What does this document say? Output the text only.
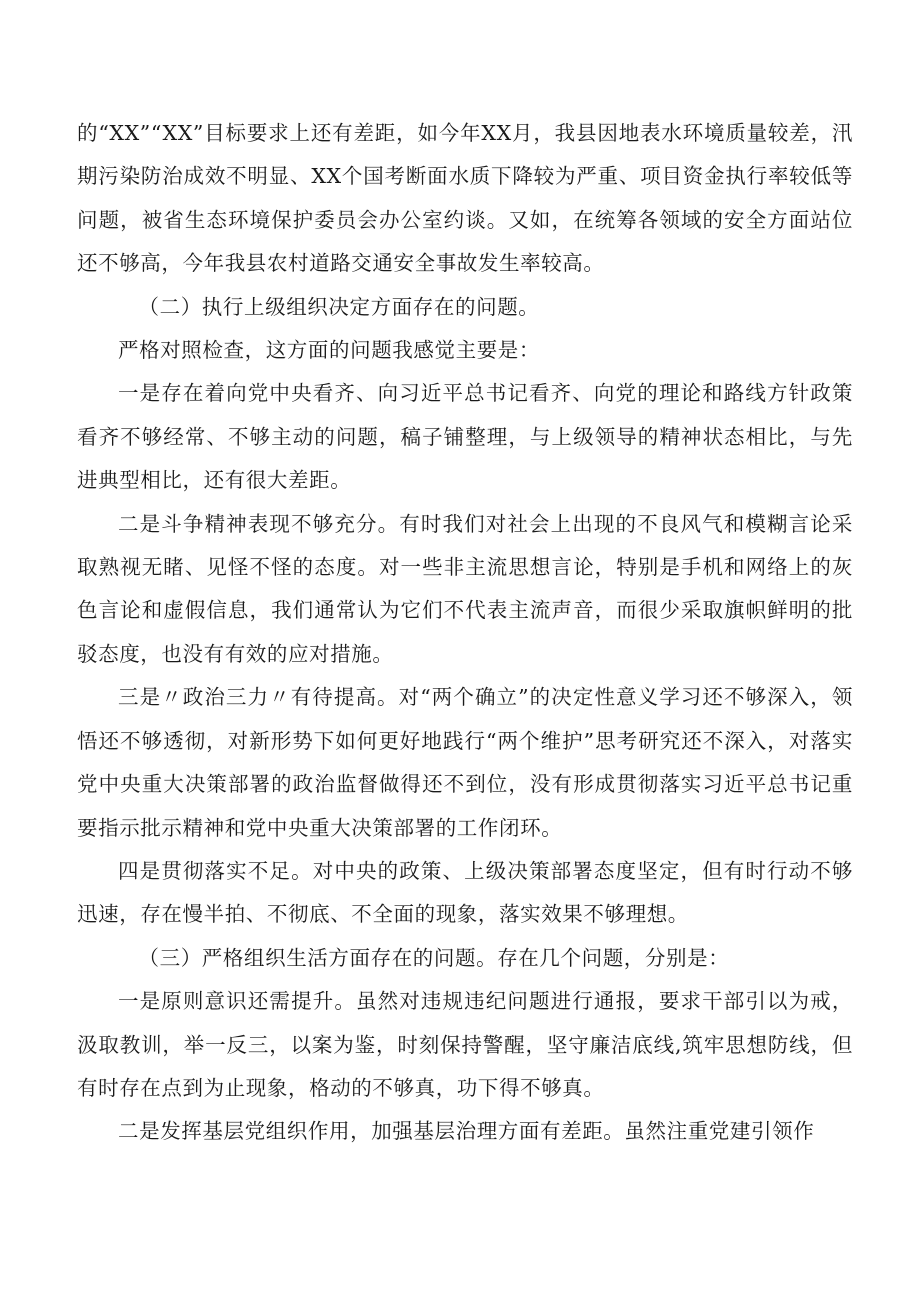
的“XX”“XX”目标要求上还有差距，如今年XX月，我县因地表水环境质量较差，汛期污染防治成效不明显、XX个国考断面水质下降较为严重、项目资金执行率较低等问题，被省生态环境保护委员会办公室约谈。又如，在统筹各领域的安全方面站位还不够高，今年我县农村道路交通安全事故发生率较高。

（二）执行上级组织决定方面存在的问题。

严格对照检查，这方面的问题我感觉主要是：

一是存在着向党中央看齐、向习近平总书记看齐、向党的理论和路线方针政策看齐不够经常、不够主动的问题，稿子铺整理，与上级领导的精神状态相比，与先进典型相比，还有很大差距。

二是斗争精神表现不够充分。有时我们对社会上出现的不良风气和模糊言论采取熟视无睹、见怪不怪的态度。对一些非主流思想言论，特别是手机和网络上的灰色言论和虚假信息，我们通常认为它们不代表主流声音，而很少采取旗帜鲜明的批驳态度，也没有有效的应对措施。

三是〃政治三力〃有待提高。对“两个确立”的决定性意义学习还不够深入，领悟还不够透彻，对新形势下如何更好地践行“两个维护”思考研究还不深入，对落实党中央重大决策部署的政治监督做得还不到位，没有形成贯彻落实习近平总书记重要指示批示精神和党中央重大决策部署的工作闭环。

四是贯彻落实不足。对中央的政策、上级决策部署态度坚定，但有时行动不够迅速，存在慢半拍、不彻底、不全面的现象，落实效果不够理想。

（三）严格组织生活方面存在的问题。存在几个问题，分别是：

一是原则意识还需提升。虽然对违规违纪问题进行通报，要求干部引以为戒，汲取教训，举一反三，以案为鉴，时刻保持警醒，坚守廉洁底线,筑牢思想防线，但有时存在点到为止现象，格动的不够真，功下得不够真。

二是发挥基层党组织作用，加强基层治理方面有差距。虽然注重党建引领作
